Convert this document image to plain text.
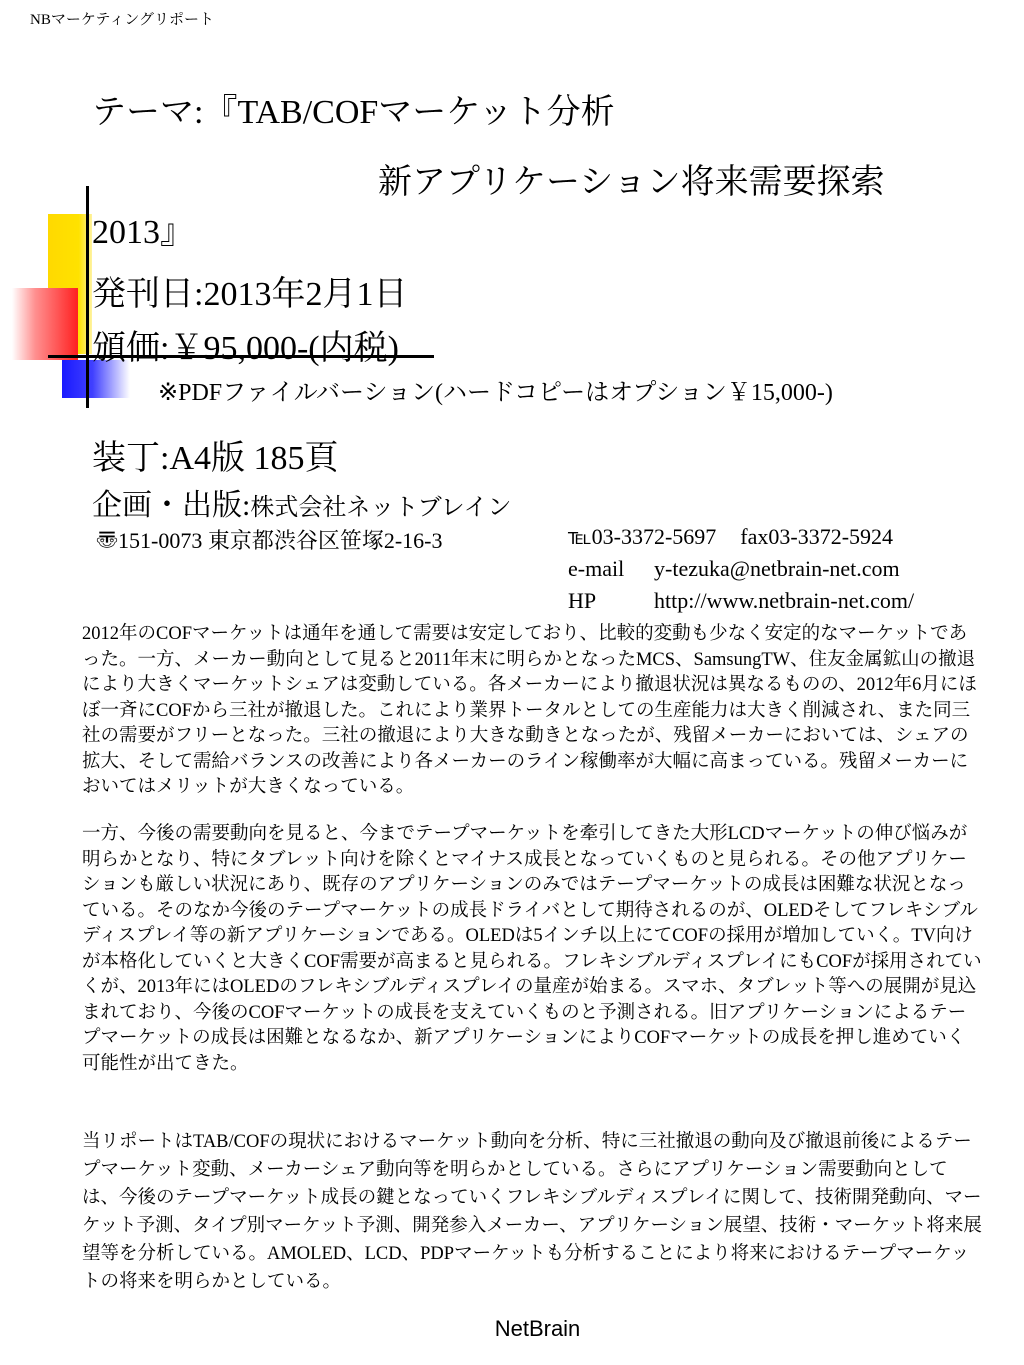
NBマーケティングリポート
テーマ:『TAB/COFマーケット分析
新アプリケーション将来需要探索
2013』
発刊日:2013年2月1日
頒価:￥95,000-(内税)
※PDFファイルバーション(ハードコピーはオプション￥15,000-)
装丁:A4版 185頁
企画・出版:株式会社ネットブレイン
〠151-0073 東京都渋谷区笹塚2-16-3	℡03-3372-5697 fax03-3372-5924
e-mail y-tezuka@netbrain-net.com
HP	http://www.netbrain-net.com/
2012年のCOFマーケットは通年を通して需要は安定しており、比較的変動も少なく安定的なマーケットであった。一方、メーカー動向として見ると2011年末に明らかとなったMCS、SamsungTW、住友金属鉱山の撤退により大きくマーケットシェアは変動している。各メーカーにより撤退状況は異なるものの、2012年6月にほぼ一斉にCOFから三社が撤退した。これにより業界トータルとしての生産能力は大きく削減され、また同三社の需要がフリーとなった。三社の撤退により大きな動きとなったが、残留メーカーにおいては、シェアの拡大、そして需給バランスの改善により各メーカーのライン稼働率が大幅に高まっている。残留メーカーにおいてはメリットが大きくなっている。
一方、今後の需要動向を見ると、今までテープマーケットを牽引してきた大形LCDマーケットの伸び悩みが明らかとなり、特にタブレット向けを除くとマイナス成長となっていくものと見られる。その他アプリケーションも厳しい状況にあり、既存のアプリケーションのみではテープマーケットの成長は困難な状況となっている。そのなか今後のテープマーケットの成長ドライバとして期待されるのが、OLEDそしてフレキシブルディスプレイ等の新アプリケーションである。OLEDは5インチ以上にてCOFの採用が増加していく。TV向けが本格化していくと大きくCOF需要が高まると見られる。フレキシブルディスプレイにもCOFが採用されていくが、2013年にはOLEDのフレキシブルディスプレイの量産が始まる。スマホ、タブレット等への展開が見込まれており、今後のCOFマーケットの成長を支えていくものと予測される。旧アプリケーションによるテープマーケットの成長は困難となるなか、新アプリケーションによりCOFマーケットの成長を押し進めていく可能性が出てきた。
当リポートはTAB/COFの現状におけるマーケット動向を分析、特に三社撤退の動向及び撤退前後によるテープマーケット変動、メーカーシェア動向等を明らかとしている。さらにアプリケーション需要動向としては、今後のテープマーケット成長の鍵となっていくフレキシブルディスプレイに関して、技術開発動向、マーケット予測、タイプ別マーケット予測、開発参入メーカー、アプリケーション展望、技術・マーケット将来展望等を分析している。AMOLED、LCD、PDPマーケットも分析することにより将来におけるテープマーケットの将来を明らかとしている。
NetBrain
